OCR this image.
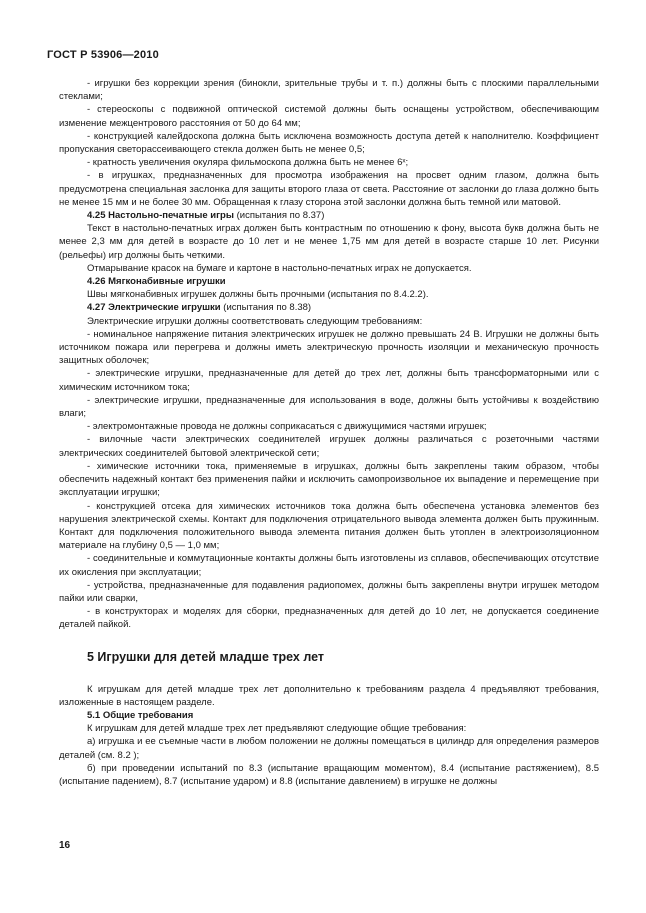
ГОСТ Р 53906—2010

- игрушки без коррекции зрения (бинокли, зрительные трубы и т. п.) должны быть с плоскими параллельными стеклами;

- стереоскопы с подвижной оптической системой должны быть оснащены устройством, обеспечивающим изменение межцентрового расстояния от 50 до 64 мм;

- конструкцией калейдоскопа должна быть исключена возможность доступа детей к наполнителю. Коэффициент пропускания светорассеивающего стекла должен быть не менее 0,5;

- кратность увеличения окуляра фильмоскопа должна быть не менее 6ˣ;

- в игрушках, предназначенных для просмотра изображения на просвет одним глазом, должна быть предусмотрена специальная заслонка для защиты второго глаза от света. Расстояние от заслонки до глаза должно быть не менее 15 мм и не более 30 мм. Обращенная к глазу сторона этой заслонки должна быть темной или матовой.

4.25 Настольно-печатные игры (испытания по 8.37)

Текст в настольно-печатных играх должен быть контрастным по отношению к фону, высота букв должна быть не менее 2,3 мм для детей в возрасте до 10 лет и не менее 1,75 мм для детей в возрасте старше 10 лет. Рисунки (рельефы) игр должны быть четкими.

Отмарывание красок на бумаге и картоне в настольно-печатных играх не допускается.

4.26 Мягконабивные игрушки

Швы мягконабивных игрушек должны быть прочными (испытания по 8.4.2.2).

4.27 Электрические игрушки (испытания по 8.38)

Электрические игрушки должны соответствовать следующим требованиям:

- номинальное напряжение питания электрических игрушек не должно превышать 24 В. Игрушки не должны быть источником пожара или перегрева и должны иметь электрическую прочность изоляции и механическую прочность защитных оболочек;

- электрические игрушки, предназначенные для детей до трех лет, должны быть трансформаторными или с химическим источником тока;

- электрические игрушки, предназначенные для использования в воде, должны быть устойчивы к воздействию влаги;

- электромонтажные провода не должны соприкасаться с движущимися частями игрушек;

- вилочные части электрических соединителей игрушек должны различаться с розеточными частями электрических соединителей бытовой электрической сети;

- химические источники тока, применяемые в игрушках, должны быть закреплены таким образом, чтобы обеспечить надежный контакт без применения пайки и исключить самопроизвольное их выпадение и перемещение при эксплуатации игрушки;

- конструкцией отсека для химических источников тока должна быть обеспечена установка элементов без нарушения электрической схемы. Контакт для подключения отрицательного вывода элемента должен быть пружинным. Контакт для подключения положительного вывода элемента питания должен быть утоплен в электроизоляционном материале на глубину 0,5 — 1,0 мм;

- соединительные и коммутационные контакты должны быть изготовлены из сплавов, обеспечивающих отсутствие их окисления при эксплуатации;

- устройства, предназначенные для подавления радиопомех, должны быть закреплены внутри игрушек методом пайки или сварки,

- в конструкторах и моделях для сборки, предназначенных для детей до 10 лет, не допускается соединение деталей пайкой.

5 Игрушки для детей младше трех лет

К игрушкам для детей младше трех лет дополнительно к требованиям раздела 4 предъявляют требования, изложенные в настоящем разделе.

5.1 Общие требования

К игрушкам для детей младше трех лет предъявляют следующие общие требования:

а) игрушка и ее съемные части в любом положении не должны помещаться в цилиндр для определения размеров деталей (см. 8.2 );

б) при проведении испытаний по 8.3 (испытание вращающим моментом), 8.4 (испытание растяжением), 8.5 (испытание падением), 8.7 (испытание ударом) и 8.8 (испытание давлением) в игрушке не должны

16
